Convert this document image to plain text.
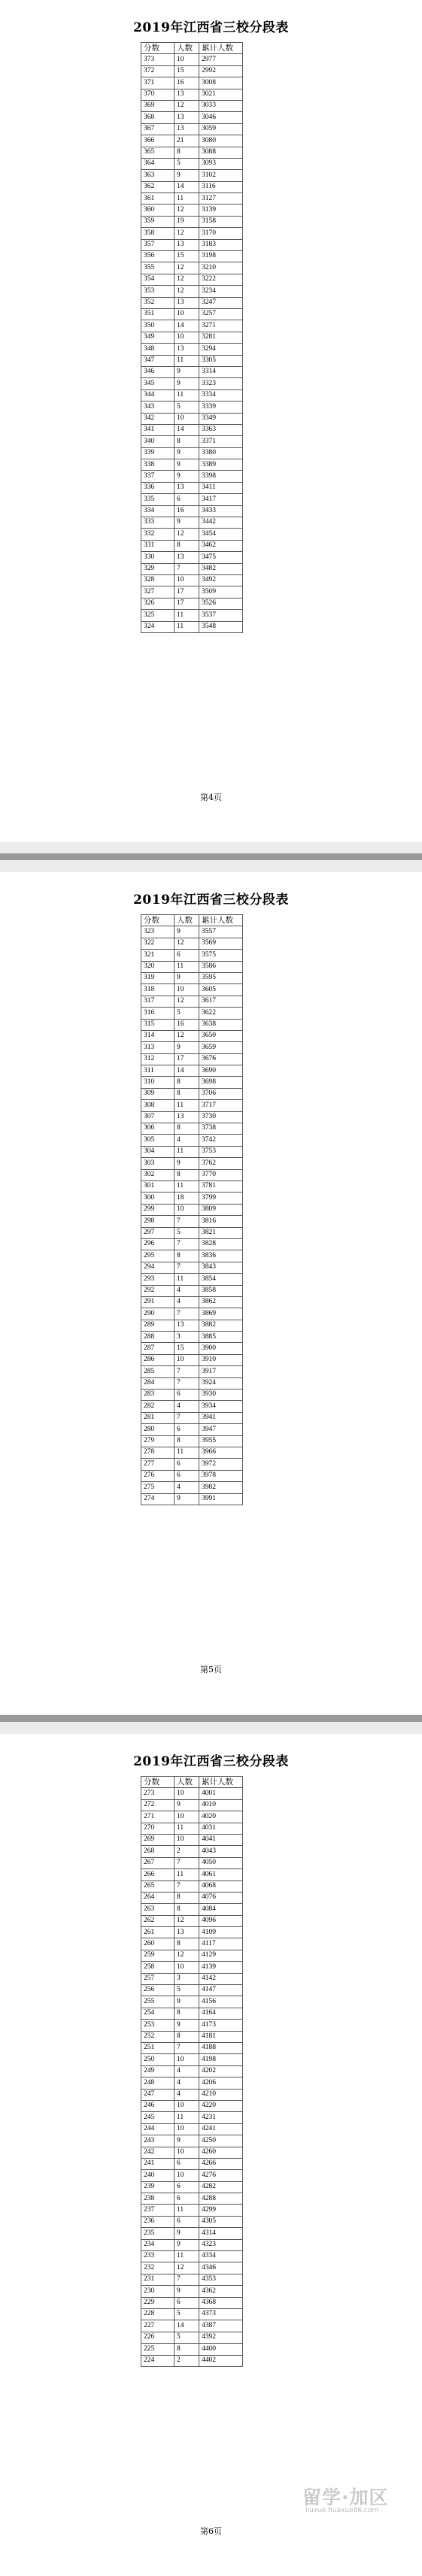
2019年江西省三校分段表
分数	人数	累计人数
373	10	2977
372	15	2992
371	16	3008
370	13	3021
369	12	3033
368	13	3046
367	13	3059
366	21	3080
365	8	3088
364	5	3093
363	9	3102
362	14	3116
361	11	3127
360	12	3139
359	19	3158
358	12	3170
357	13	3183
356	15	3198
355	12	3210
354	12	3222
353	12	3234
352	13	3247
351	10	3257
350	14	3271
349	10	3281
348	13	3294
347	11	3305
346	9	3314
345	9	3323
344	11	3334
343	5	3339
342	10	3349
341	14	3363
340	8	3371
339	9	3380
338	9	3389
337	9	3398
336	13	3411
335	6	3417
334	16	3433
333	9	3442
332	12	3454
331	8	3462
330	13	3475
329	7	3482
328	10	3492
327	17	3509
326	17	3526
325	11	3537
324	11	3548
第4页
2019年江西省三校分段表
分数	人数	累计人数
323	9	3557
322	12	3569
321	6	3575
320	11	3586
319	9	3595
318	10	3605
317	12	3617
316	5	3622
315	16	3638
314	12	3650
313	9	3659
312	17	3676
311	14	3690
310	8	3698
309	8	3706
308	11	3717
307	13	3730
306	8	3738
305	4	3742
304	11	3753
303	9	3762
302	8	3770
301	11	3781
300	18	3799
299	10	3809
298	7	3816
297	5	3821
296	7	3828
295	8	3836
294	7	3843
293	11	3854
292	4	3858
291	4	3862
290	7	3869
289	13	3882
288	3	3885
287	15	3900
286	10	3910
285	7	3917
284	7	3924
283	6	3930
282	4	3934
281	7	3941
280	6	3947
279	8	3955
278	11	3966
277	6	3972
276	6	3978
275	4	3982
274	9	3991
第5页
2019年江西省三校分段表
分数	人数	累计人数
273	10	4001
272	9	4010
271	10	4020
270	11	4031
269	10	4041
268	2	4043
267	7	4050
266	11	4061
265	7	4068
264	8	4076
263	8	4084
262	12	4096
261	13	4109
260	8	4117
259	12	4129
258	10	4139
257	3	4142
256	5	4147
255	9	4156
254	8	4164
253	9	4173
252	8	4181
251	7	4188
250	10	4198
249	4	4202
248	4	4206
247	4	4210
246	10	4220
245	11	4231
244	10	4241
243	9	4250
242	10	4260
241	6	4266
240	10	4276
239	6	4282
238	6	4288
237	11	4299
236	6	4305
235	9	4314
234	9	4323
233	11	4334
232	12	4346
231	7	4353
230	9	4362
229	6	4368
228	5	4373
227	14	4387
226	5	4392
225	8	4400
224	2	4402
第6页
留学·加区
liuxue.huaxue86.com
